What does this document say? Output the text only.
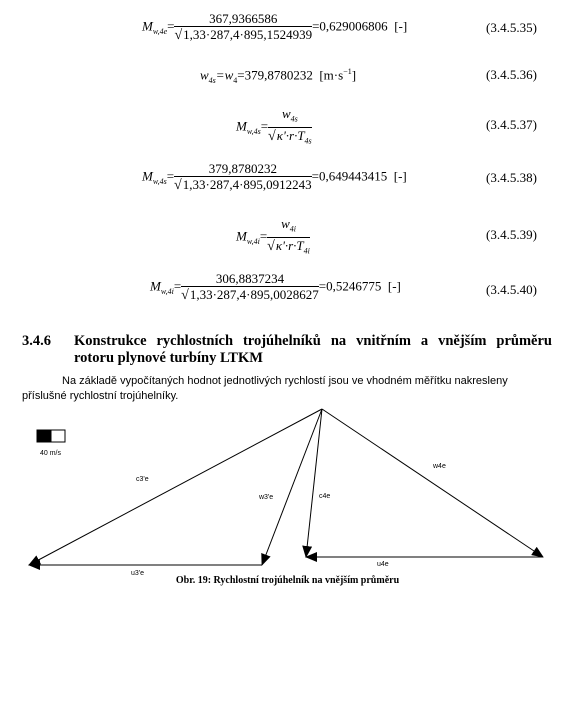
$M_{w,4e}= \frac{367,9366586}{√1,33\cdot 287,4\cdot 895,1524939} =0,629006806$ [-]	(3.4.5.35)
$w_{4s}=w_4=379,8780232$ $[m\cdot s^{-1}]$	(3.4.5.36)
$M_{w,4s}= \frac{w_{4s}}{√\kappa'\cdot r\cdot T_{4s}}$	(3.4.5.37)
$M_{w,4s}= \frac{379,8780232}{√1,33\cdot 287,4\cdot 895,0912243} =0,649443415$ [-]	(3.4.5.38)
$M_{w,4i}= \frac{w_{4i}}{√\kappa'\cdot r\cdot T_{4i}}$	(3.4.5.39)
$M_{w,4i}= \frac{306,8837234}{√1,33\cdot 287,4\cdot 895,0028627} =0,5246775$ [-]	(3.4.5.40)
3.4.6 Konstrukce rychlostních trojúhelníků na vnitřním a vnějším průměru
rotoru plynové turbíny LTKM
Na základě vypočítaných hodnot jednotlivých rychlostí jsou ve vhodném měřítku nakresleny
příslušné rychlostní trojúhelníky.
40 m/s
c3'e
w3'e	c4e
w4e
u3'e
u4e
Obr. 19: Rychlostní trojúhelník na vnějším průměru
